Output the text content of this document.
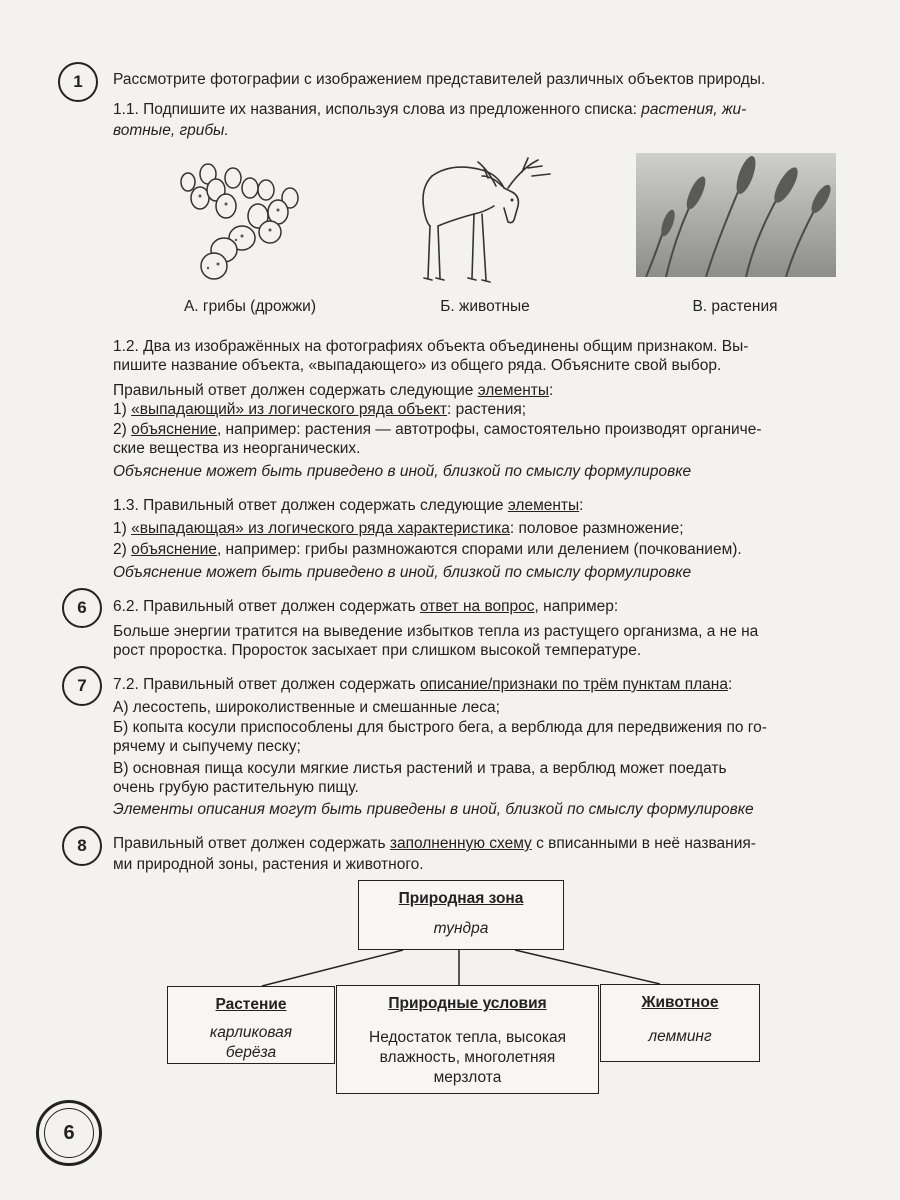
1 Рассмотрите фотографии с изображением представителей различных объектов природы.
1.1. Подпишите их названия, используя слова из предложенного списка: растения, жи-
вотные, грибы.
А. грибы (дрожжи)	Б. животные	В. растения
1.2. Два из изображённых на фотографиях объекта объединены общим признаком. Вы-
пишите название объекта, «выпадающего» из общего ряда. Объясните свой выбор.
Правильный ответ должен содержать следующие элементы:
1) «выпадающий» из логического ряда объект: растения;
2) объяснение, например: растения — автотрофы, самостоятельно производят органиче-
ские вещества из неорганических.
Объяснение может быть приведено в иной, близкой по смыслу формулировке
1.3. Правильный ответ должен содержать следующие элементы:
1) «выпадающая» из логического ряда характеристика: половое размножение;
2) объяснение, например: грибы размножаются спорами или делением (почкованием).
Объяснение может быть приведено в иной, близкой по смыслу формулировке
6 6.2. Правильный ответ должен содержать ответ на вопрос, например:
Больше энергии тратится на выведение избытков тепла из растущего организма, а не на
рост проростка. Проросток засыхает при слишком высокой температуре.
7 7.2. Правильный ответ должен содержать описание/признаки по трём пунктам плана:
А) лесостепь, широколиственные и смешанные леса;
Б) копыта косули приспособлены для быстрого бега, а верблюда для передвижения по го-
рячему и сыпучему песку;
В) основная пища косули мягкие листья растений и трава, а верблюд может поедать
очень грубую растительную пищу.
Элементы описания могут быть приведены в иной, близкой по смыслу формулировке
8 Правильный ответ должен содержать заполненную схему с вписанными в неё названия-
ми природной зоны, растения и животного.
Природная зона
тундра
Растение
карликовая
берёза
Природные условия
Недостаток тепла, высокая
влажность, многолетняя
мерзлота
Животное
лемминг
6
